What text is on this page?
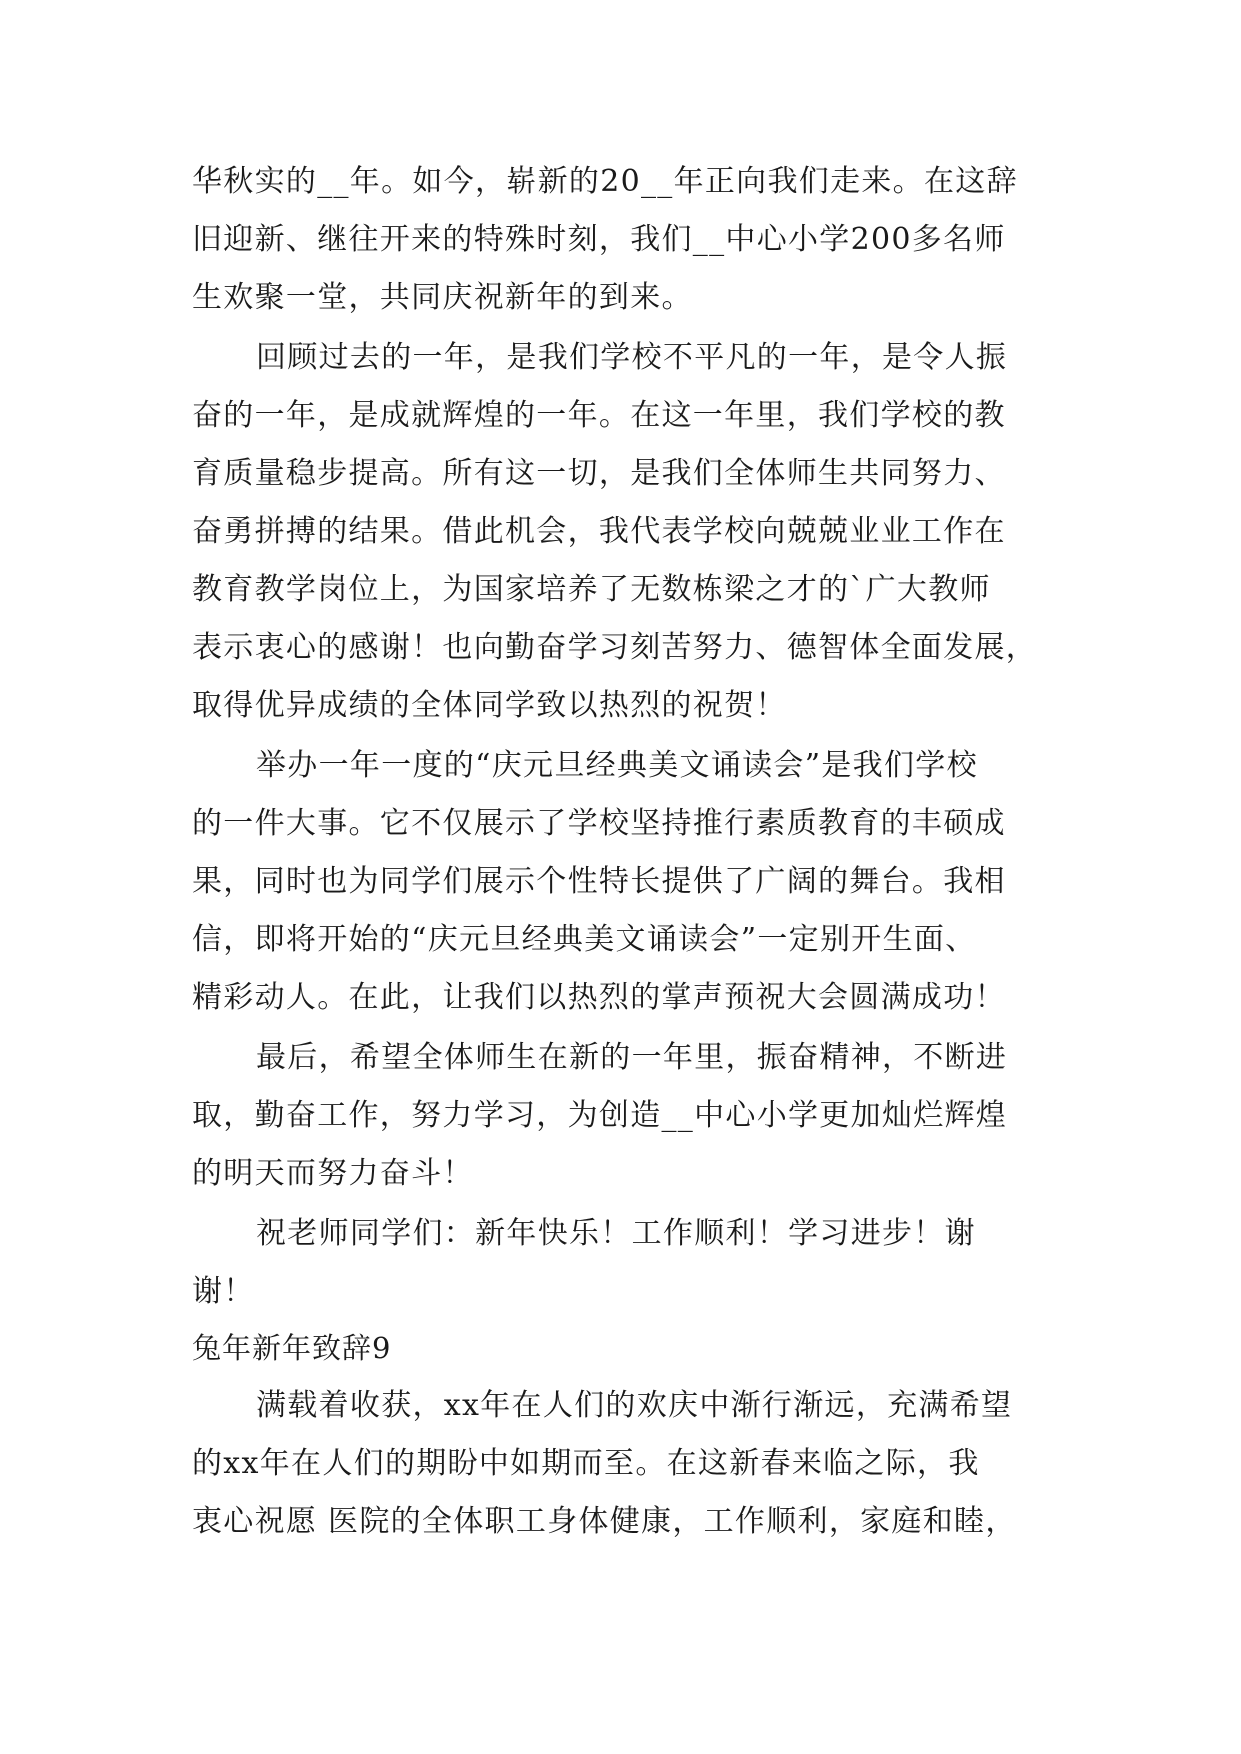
华秋实的__年。如今，崭新的20__年正向我们走来。在这辞
旧迎新、继往开来的特殊时刻，我们__中心小学200多名师
生欢聚一堂，共同庆祝新年的到来。
回顾过去的一年，是我们学校不平凡的一年，是令人振
奋的一年，是成就辉煌的一年。在这一年里，我们学校的教
育质量稳步提高。所有这一切，是我们全体师生共同努力、
奋勇拼搏的结果。借此机会，我代表学校向兢兢业业工作在
教育教学岗位上，为国家培养了无数栋梁之才的`广大教师
表示衷心的感谢！也向勤奋学习刻苦努力、德智体全面发展，
取得优异成绩的全体同学致以热烈的祝贺！
举办一年一度的“庆元旦经典美文诵读会”是我们学校
的一件大事。它不仅展示了学校坚持推行素质教育的丰硕成
果，同时也为同学们展示个性特长提供了广阔的舞台。我相
信，即将开始的“庆元旦经典美文诵读会”一定别开生面、
精彩动人。在此，让我们以热烈的掌声预祝大会圆满成功！
最后，希望全体师生在新的一年里，振奋精神，不断进
取，勤奋工作，努力学习，为创造__中心小学更加灿烂辉煌
的明天而努力奋斗！
祝老师同学们：新年快乐！工作顺利！学习进步！谢
谢！
兔年新年致辞9
满载着收获，xx年在人们的欢庆中渐行渐远，充满希望
的xx年在人们的期盼中如期而至。在这新春来临之际，我
衷心祝愿 医院的全体职工身体健康，工作顺利，家庭和睦，
